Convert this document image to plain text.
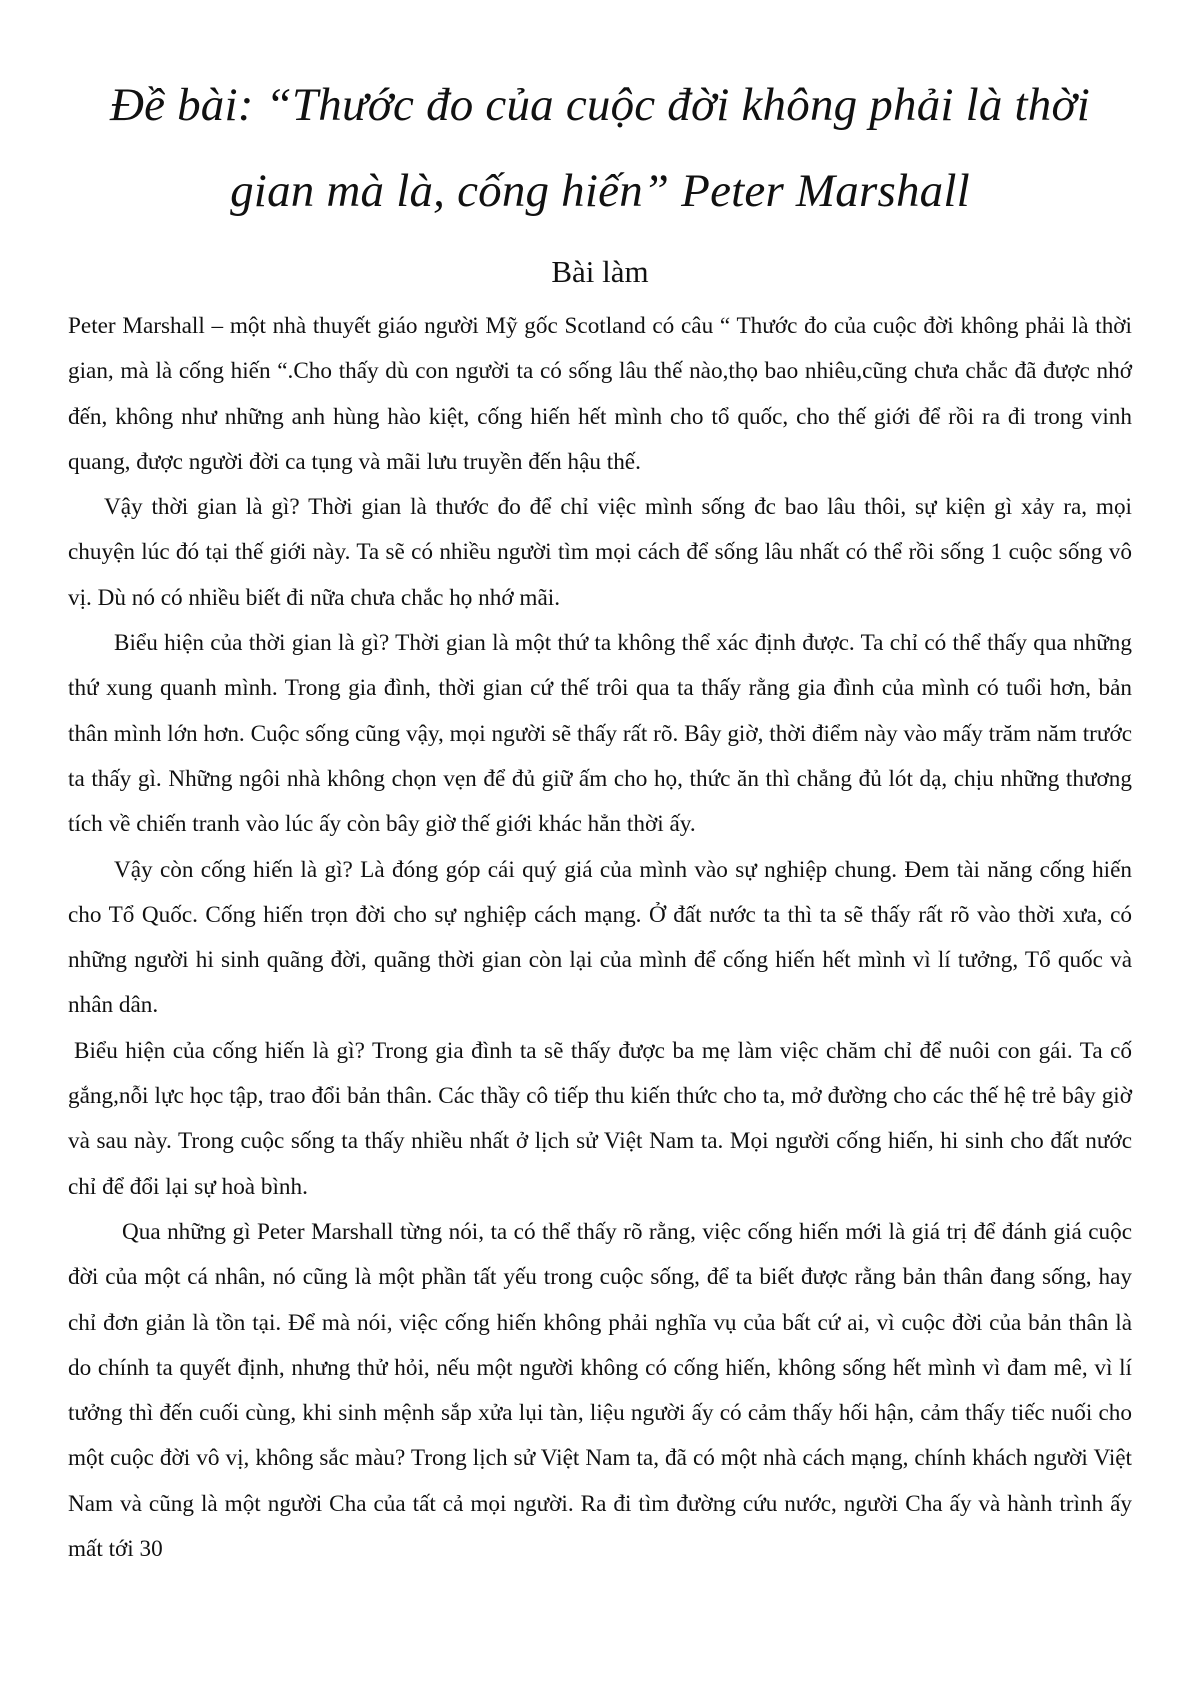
Đề bài: “Thước đo của cuộc đời không phải là thời gian mà là, cống hiến” Peter Marshall
Bài làm

Peter Marshall – một nhà thuyết giáo người Mỹ gốc Scotland có câu “ Thước đo của cuộc đời không phải là thời gian, mà là cống hiến “.Cho thấy dù con người ta có sống lâu thế nào,thọ bao nhiêu,cũng chưa chắc đã được nhớ đến, không như những anh hùng hào kiệt, cống hiến hết mình cho tổ quốc, cho thế giới để rồi ra đi trong vinh quang, được người đời ca tụng và mãi lưu truyền đến hậu thế.

Vậy thời gian là gì? Thời gian là thước đo để chỉ việc mình sống đc bao lâu thôi, sự kiện gì xảy ra, mọi chuyện lúc đó tại thế giới này. Ta sẽ có nhiều người tìm mọi cách để sống lâu nhất có thể rồi sống 1 cuộc sống vô vị. Dù nó có nhiều biết đi nữa chưa chắc họ nhớ mãi.

Biểu hiện của thời gian là gì? Thời gian là một thứ ta không thể xác định được. Ta chỉ có thể thấy qua những thứ xung quanh mình. Trong gia đình, thời gian cứ thế trôi qua ta thấy rằng gia đình của mình có tuổi hơn, bản thân mình lớn hơn. Cuộc sống cũng vậy, mọi người sẽ thấy rất rõ. Bây giờ, thời điểm này vào mấy trăm năm trước ta thấy gì. Những ngôi nhà không chọn vẹn để đủ giữ ấm cho họ, thức ăn thì chẳng đủ lót dạ, chịu những thương tích về chiến tranh vào lúc ấy còn bây giờ thế giới khác hẳn thời ấy.

Vậy còn cống hiến là gì? Là đóng góp cái quý giá của mình vào sự nghiệp chung. Đem tài năng cống hiến cho Tổ Quốc. Cống hiến trọn đời cho sự nghiệp cách mạng. Ở đất nước ta thì ta sẽ thấy rất rõ vào thời xưa, có những người hi sinh quãng đời, quãng thời gian còn lại của mình để cống hiến hết mình vì lí tưởng, Tổ quốc và nhân dân.

Biểu hiện của cống hiến là gì? Trong gia đình ta sẽ thấy được ba mẹ làm việc chăm chỉ để nuôi con gái. Ta cố gắng,nỗi lực học tập, trao đổi bản thân. Các thầy cô tiếp thu kiến thức cho ta, mở đường cho các thế hệ trẻ bây giờ và sau này. Trong cuộc sống ta thấy nhiều nhất ở lịch sử Việt Nam ta. Mọi người cống hiến, hi sinh cho đất nước chỉ để đổi lại sự hoà bình.

Qua những gì Peter Marshall từng nói, ta có thể thấy rõ rằng, việc cống hiến mới là giá trị để đánh giá cuộc đời của một cá nhân, nó cũng là một phần tất yếu trong cuộc sống, để ta biết được rằng bản thân đang sống, hay chỉ đơn giản là tồn tại. Để mà nói, việc cống hiến không phải nghĩa vụ của bất cứ ai, vì cuộc đời của bản thân là do chính ta quyết định, nhưng thử hỏi, nếu một người không có cống hiến, không sống hết mình vì đam mê, vì lí tưởng thì đến cuối cùng, khi sinh mệnh sắp xửa lụi tàn, liệu người ấy có cảm thấy hối hận, cảm thấy tiếc nuối cho một cuộc đời vô vị, không sắc màu? Trong lịch sử Việt Nam ta, đã có một nhà cách mạng, chính khách người Việt Nam và cũng là một người Cha của tất cả mọi người. Ra đi tìm đường cứu nước, người Cha ấy và hành trình ấy mất tới 30
